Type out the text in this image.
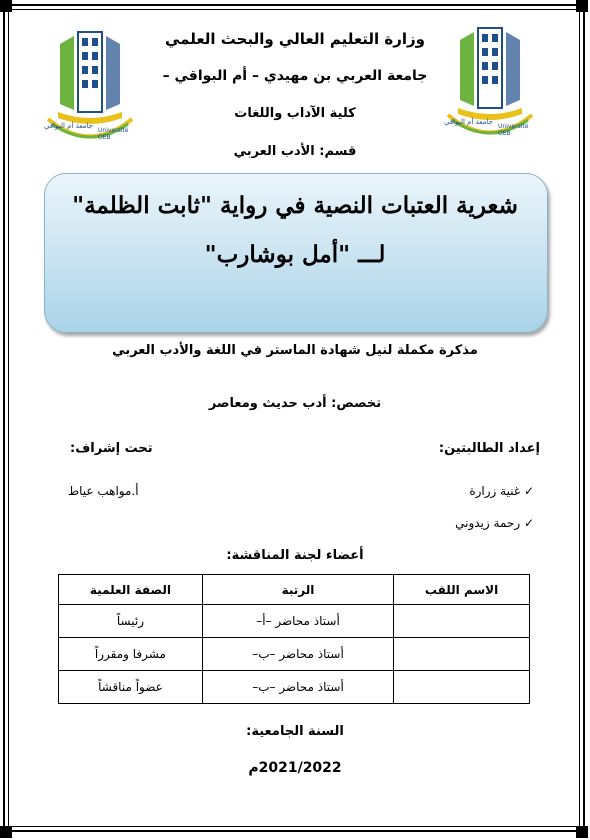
جامعة أم البواقي
Université OEB
جامعة أم البواقي
Université OEB
وزارة التعليم العالي والبحث العلمي
جامعة العربي بن مهيدي – أم البواقي –
كلية الآداب واللغات
قسم: الأدب العربي
شعرية العتبات النصية في رواية "ثابت الظلمة"
لـــ "أمل بوشارب"
مذكرة مكملة لنيل شهادة الماستر في اللغة والأدب العربي
تخصص: أدب حديث ومعاصر
إعداد الطالبتين:
✓ غنية زرارة
✓ رحمة زيدوني
تحت إشراف:
أ.مواهب عياط
أعضاء لجنة المناقشة:
الاسم اللقب	الرتبة	الصفة العلمية
	أستاذ محاضر –أ–	رئيساً
	أستاذ محاضر –ب–	مشرفا ومقرراً
	أستاذ محاضر –ب–	عضواً مناقشاً
السنة الجامعية:
2021/2022م
